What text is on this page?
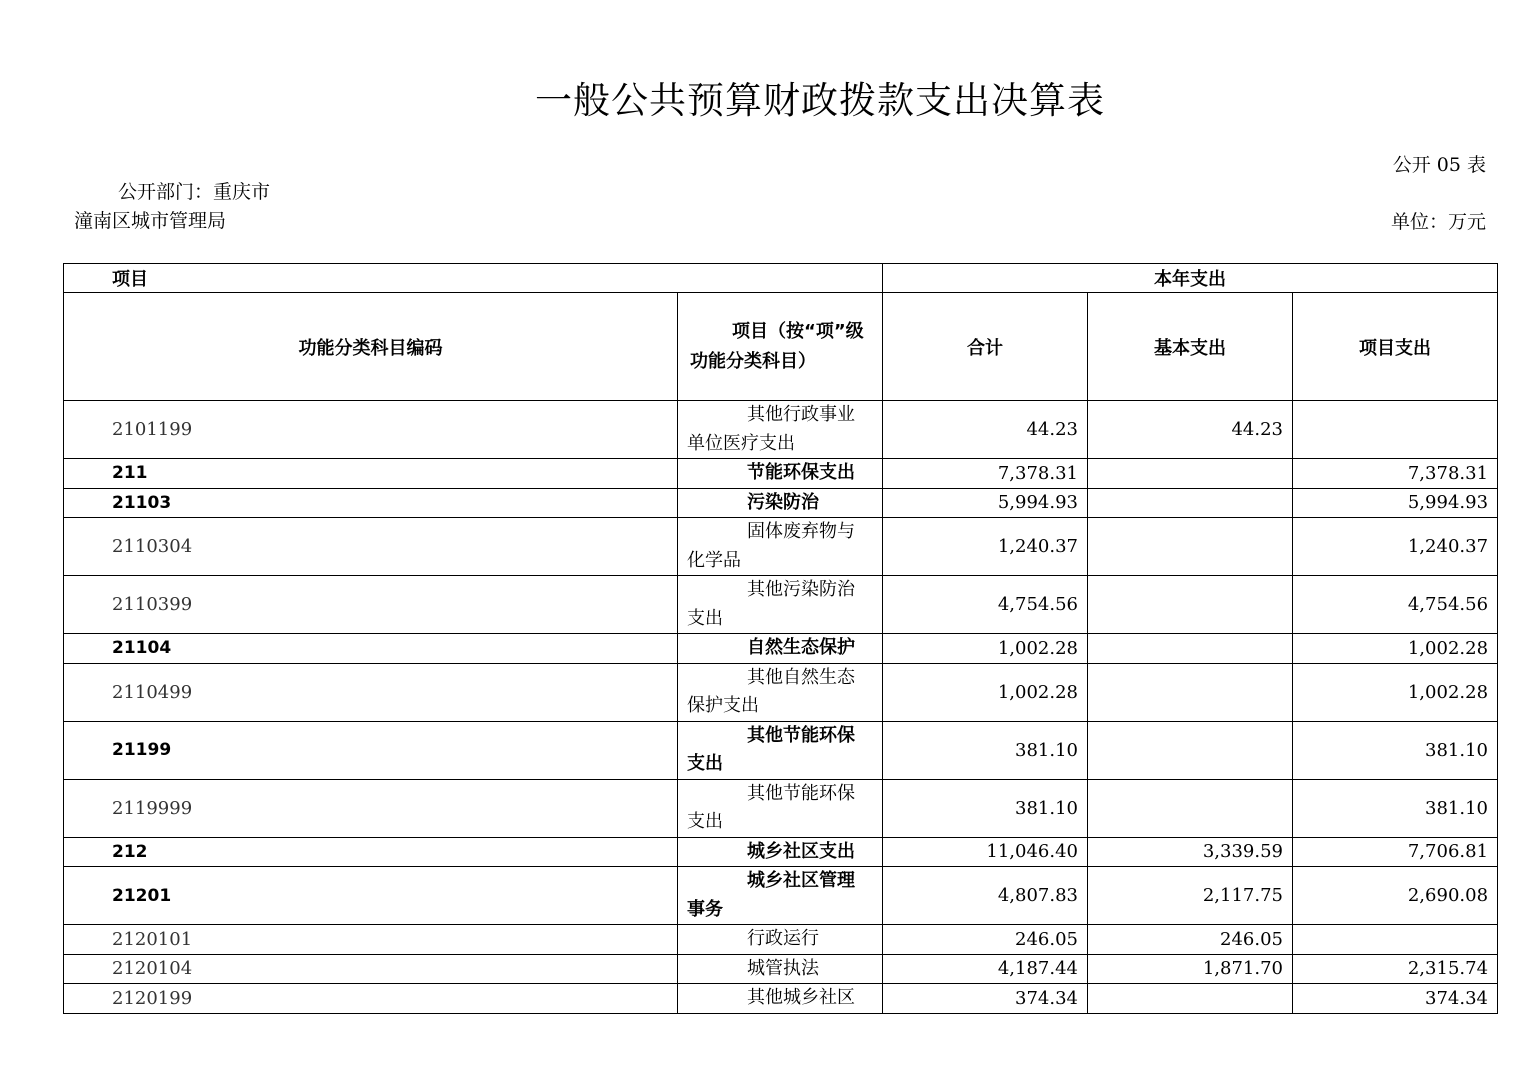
一般公共预算财政拨款支出决算表
公开 05 表
公开部门：重庆市潼南区城市管理局	单位：万元
项目		本年支出		
功能分类科目编码	项目（按“项”级功能分类科目）	合计	基本支出	项目支出
2101199	其他行政事业单位医疗支出	44.23	44.23	
211	节能环保支出	7,378.31		7,378.31
21103	污染防治	5,994.93		5,994.93
2110304	固体废弃物与化学品	1,240.37		1,240.37
2110399	其他污染防治支出	4,754.56		4,754.56
21104	自然生态保护	1,002.28		1,002.28
2110499	其他自然生态保护支出	1,002.28		1,002.28
21199	其他节能环保支出	381.10		381.10
2119999	其他节能环保支出	381.10		381.10
212	城乡社区支出	11,046.40	3,339.59	7,706.81
21201	城乡社区管理事务	4,807.83	2,117.75	2,690.08
2120101	行政运行	246.05	246.05	
2120104	城管执法	4,187.44	1,871.70	2,315.74
2120199	其他城乡社区	374.34		374.34
